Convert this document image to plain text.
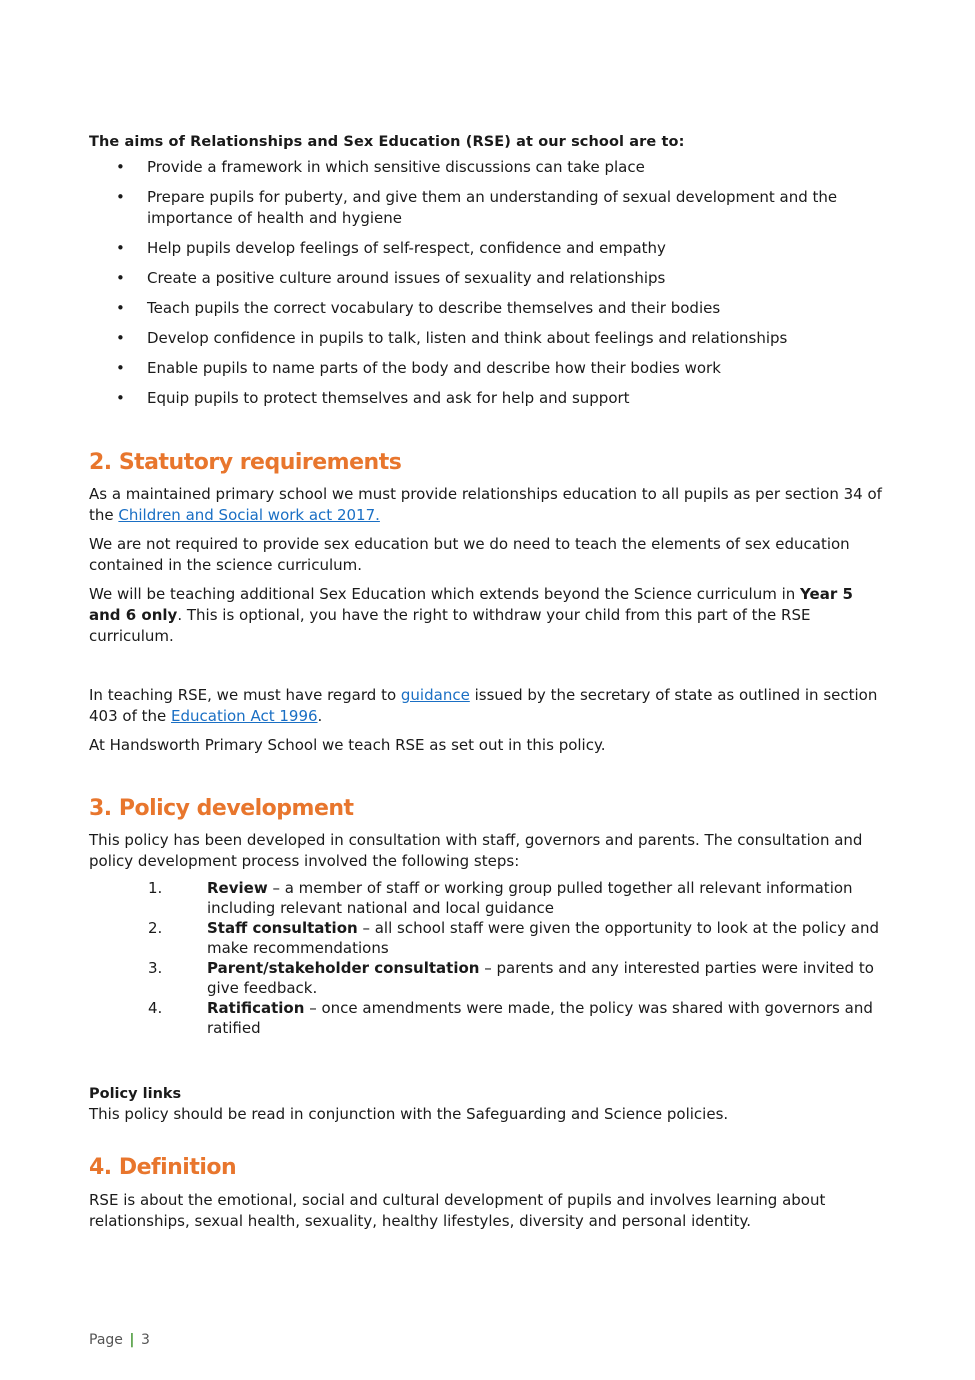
The aims of Relationships and Sex Education (RSE) at our school are to:
• Provide a framework in which sensitive discussions can take place
• Prepare pupils for puberty, and give them an understanding of sexual development and the importance of health and hygiene
• Help pupils develop feelings of self-respect, confidence and empathy
• Create a positive culture around issues of sexuality and relationships
• Teach pupils the correct vocabulary to describe themselves and their bodies
• Develop confidence in pupils to talk, listen and think about feelings and relationships
• Enable pupils to name parts of the body and describe how their bodies work
• Equip pupils to protect themselves and ask for help and support
2. Statutory requirements

As a maintained primary school we must provide relationships education to all pupils as per section 34 of the Children and Social work act 2017.

We are not required to provide sex education but we do need to teach the elements of sex education contained in the science curriculum.

We will be teaching additional Sex Education which extends beyond the Science curriculum in Year 5 and 6 only. This is optional, you have the right to withdraw your child from this part of the RSE curriculum.

In teaching RSE, we must have regard to guidance issued by the secretary of state as outlined in section 403 of the Education Act 1996.

At Handsworth Primary School we teach RSE as set out in this policy.

3. Policy development

This policy has been developed in consultation with staff, governors and parents. The consultation and policy development process involved the following steps:

1.	Review – a member of staff or working group pulled together all relevant information including relevant national and local guidance
2.	Staff consultation – all school staff were given the opportunity to look at the policy and make recommendations
3.	Parent/stakeholder consultation – parents and any interested parties were invited to give feedback.
4.	Ratification – once amendments were made, the policy was shared with governors and ratified
Policy links

This policy should be read in conjunction with the Safeguarding and Science policies.

4. Definition

RSE is about the emotional, social and cultural development of pupils and involves learning about relationships, sexual health, sexuality, healthy lifestyles, diversity and personal identity.

Page | 3
